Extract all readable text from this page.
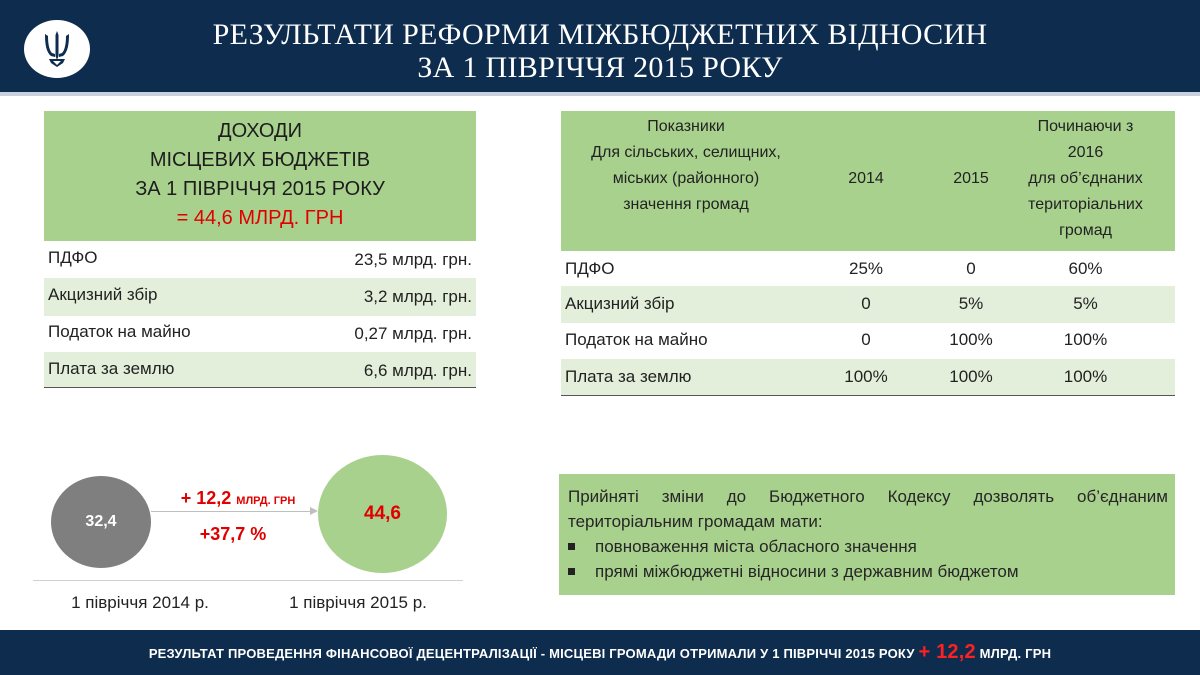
РЕЗУЛЬТАТИ РЕФОРМИ МІЖБЮДЖЕТНИХ ВІДНОСИН
ЗА 1 ПІВРІЧЧЯ 2015 РОКУ
ДОХОДИ
МІСЦЕВИХ БЮДЖЕТІВ
ЗА 1 ПІВРІЧЧЯ 2015 РОКУ
= 44,6 МЛРД. ГРН
ПДФО	23,5 млрд. грн.
Акцизний збір	3,2 млрд. грн.
Податок на майно	0,27 млрд. грн.
Плата за землю	6,6 млрд. грн.
Показники
Для сільських, селищних,
міських (районного)
значення громад
2014	2015
Починаючи з
2016
для об’єднаних
територіальних
громад
ПДФО	25%	0	60%
Акцизний збір	0	5%	5%
Податок на майно	0	100%	100%
Плата за землю	100%	100%	100%
32,4	44,6
+ 12,2 МЛРД. ГРН
+37,7 %
1 півріччя 2014 р.	1 півріччя 2015 р.
Прийняті зміни до Бюджетного Кодексу дозволять об’єднаним
територіальним громадам мати:
повноваження міста обласного значення
прямі міжбюджетні відносини з державним бюджетом
РЕЗУЛЬТАТ ПРОВЕДЕННЯ ФІНАНСОВОЇ ДЕЦЕНТРАЛІЗАЦІЇ - МІСЦЕВІ ГРОМАДИ ОТРИМАЛИ У 1 ПІВРІЧЧІ 2015 РОКУ + 12,2 МЛРД. ГРН
